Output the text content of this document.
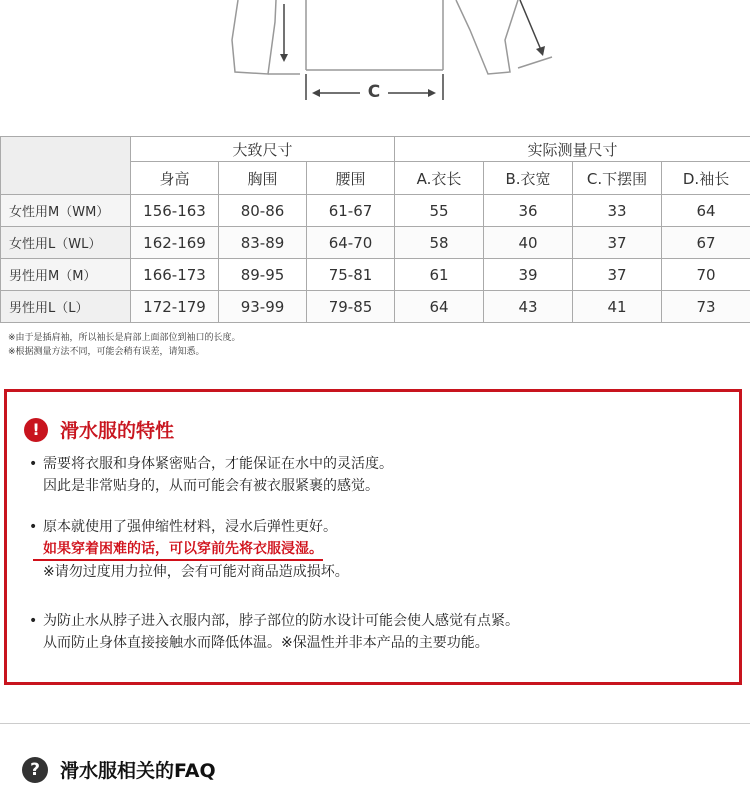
C
	大致尺寸			实际测量尺寸			
	身高	胸围	腰围	A.衣长	B.衣宽	C.下摆围	D.袖长
女性用M（WM）	156-163	80-86	61-67	55	36	33	64
女性用L（WL）	162-169	83-89	64-70	58	40	37	67
男性用M（M）	166-173	89-95	75-81	61	39	37	70
男性用L（L）	172-179	93-99	79-85	64	43	41	73
※由于是插肩袖，所以袖长是肩部上面部位到袖口的长度。
※根据测量方法不同，可能会稍有误差，请知悉。
!	滑水服的特性
• 需要将衣服和身体紧密贴合，才能保证在水中的灵活度。
因此是非常贴身的，从而可能会有被衣服紧裹的感觉。
• 原本就使用了强伸缩性材料，浸水后弹性更好。
如果穿着困难的话，可以穿前先将衣服浸湿。
※请勿过度用力拉伸，会有可能对商品造成损坏。
• 为防止水从脖子进入衣服内部，脖子部位的防水设计可能会使人感觉有点紧。
从而防止身体直接接触水而降低体温。※保温性并非本产品的主要功能。
?	滑水服相关的FAQ
